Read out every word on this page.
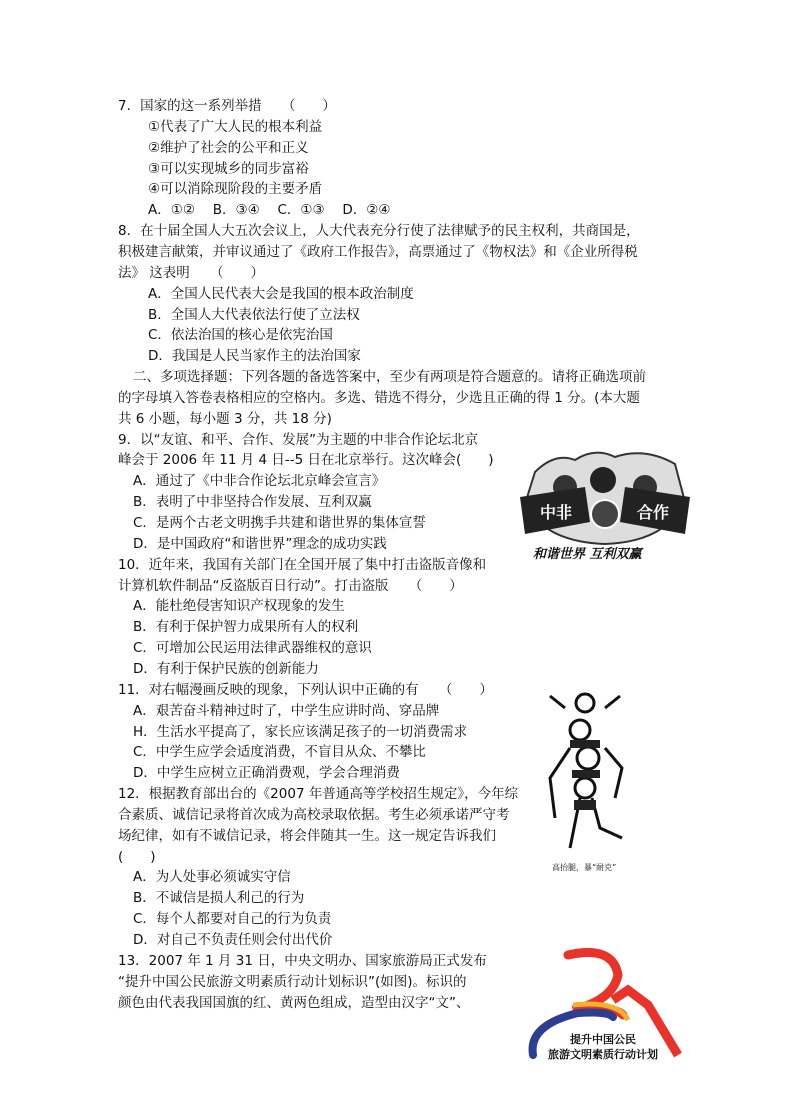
7．国家的这一系列举措　　（　　）
①代表了广大人民的根本利益
②维护了社会的公平和正义
③可以实现城乡的同步富裕
④可以消除现阶段的主要矛盾
A．①②　 B．③④　 C．①③　 D．②④
8．在十届全国人大五次会议上，人大代表充分行使了法律赋予的民主权利，共商国是，
积极建言献策，并审议通过了《政府工作报告》，高票通过了《物权法》和《企业所得税
法》 这表明　　（　　）
A．全国人民代表大会是我国的根本政治制度
B．全国人大代表依法行使了立法权
C．依法治国的核心是依宪治国
D．我国是人民当家作主的法治国家
二、多项选择题：下列各题的备选答案中，至少有两项是符合题意的。请将正确选项前
的字母填入答卷表格相应的空格内。多选、错选不得分，少选且正确的得 1 分。(本大题
共 6 小题，每小题 3 分，共 18 分)
9．以“友谊、和平、合作、发展”为主题的中非合作论坛北京
峰会于 2006 年 11 月 4 日--5 日在北京举行。这次峰会(　　)
A．通过了《中非合作论坛北京峰会宣言》
B．表明了中非坚持合作发展、互利双赢
C．是两个古老文明携手共建和谐世界的集体宣誓
D．是中国政府“和谐世界”理念的成功实践
10．近年来，我国有关部门在全国开展了集中打击盗版音像和
计算机软件制品“反盗版百日行动”。打击盗版　　（　　）
A．能杜绝侵害知识产权现象的发生
B．有利于保护智力成果所有人的权利
C．可增加公民运用法律武器维权的意识
D．有利于保护民族的创新能力
11．对右幅漫画反映的现象，下列认识中正确的有　　（　　）
A．艰苦奋斗精神过时了，中学生应讲时尚、穿品牌
H．生活水平提高了，家长应该满足孩子的一切消费需求
C．中学生应学会适度消费，不盲目从众、不攀比
D．中学生应树立正确消费观，学会合理消费
12．根据教育部出台的《2007 年普通高等学校招生规定》，今年综
合素质、诚信记录将首次成为高校录取依据。考生必须承诺严守考
场纪律，如有不诚信记录，将会伴随其一生。这一规定告诉我们
(　　)
A．为人处事必须诚实守信
B．不诚信是损人利己的行为
C．每个人都要对自己的行为负责
D．对自己不负责任则会付出代价
13．2007 年 1 月 31 日，中央文明办、国家旅游局正式发布
“提升中国公民旅游文明素质行动计划标识”(如图)。标识的
颜色由代表我国国旗的红、黄两色组成，造型由汉字“文”、
中非	合作
和谐世界 互利双赢
高抬腿，暴“耐克”
提升中国公民
旅游文明素质行动计划
